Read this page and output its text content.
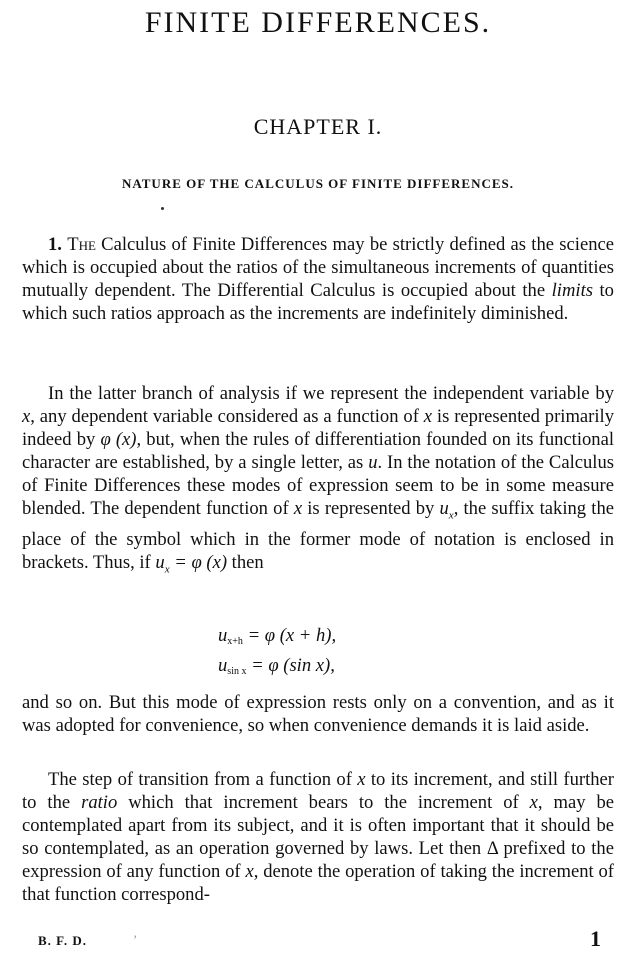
FINITE DIFFERENCES.
CHAPTER I.
NATURE OF THE CALCULUS OF FINITE DIFFERENCES.
1. The Calculus of Finite Differences may be strictly defined as the science which is occupied about the ratios of the simultaneous increments of quantities mutually dependent. The Differential Calculus is occupied about the limits to which such ratios approach as the increments are indefinitely diminished.
In the latter branch of analysis if we represent the independent variable by x, any dependent variable considered as a function of x is represented primarily indeed by φ (x), but, when the rules of differentiation founded on its functional character are established, by a single letter, as u. In the notation of the Calculus of Finite Differences these modes of expression seem to be in some measure blended. The dependent function of x is represented by $u_x$, the suffix taking the place of the symbol which in the former mode of notation is enclosed in brackets. Thus, if $u_x = \varphi$ (x) then
$u_{x+h} = \varphi$ (x + h),
$u_{sin x} = \varphi$ (sin x),
and so on. But this mode of expression rests only on a convention, and as it was adopted for convenience, so when convenience demands it is laid aside.
The step of transition from a function of x to its increment, and still further to the ratio which that increment bears to the increment of x, may be contemplated apart from its subject, and it is often important that it should be so contemplated, as an operation governed by laws. Let then Δ prefixed to the expression of any function of x, denote the operation of taking the increment of that function correspond-
B. F. D.	’	1
